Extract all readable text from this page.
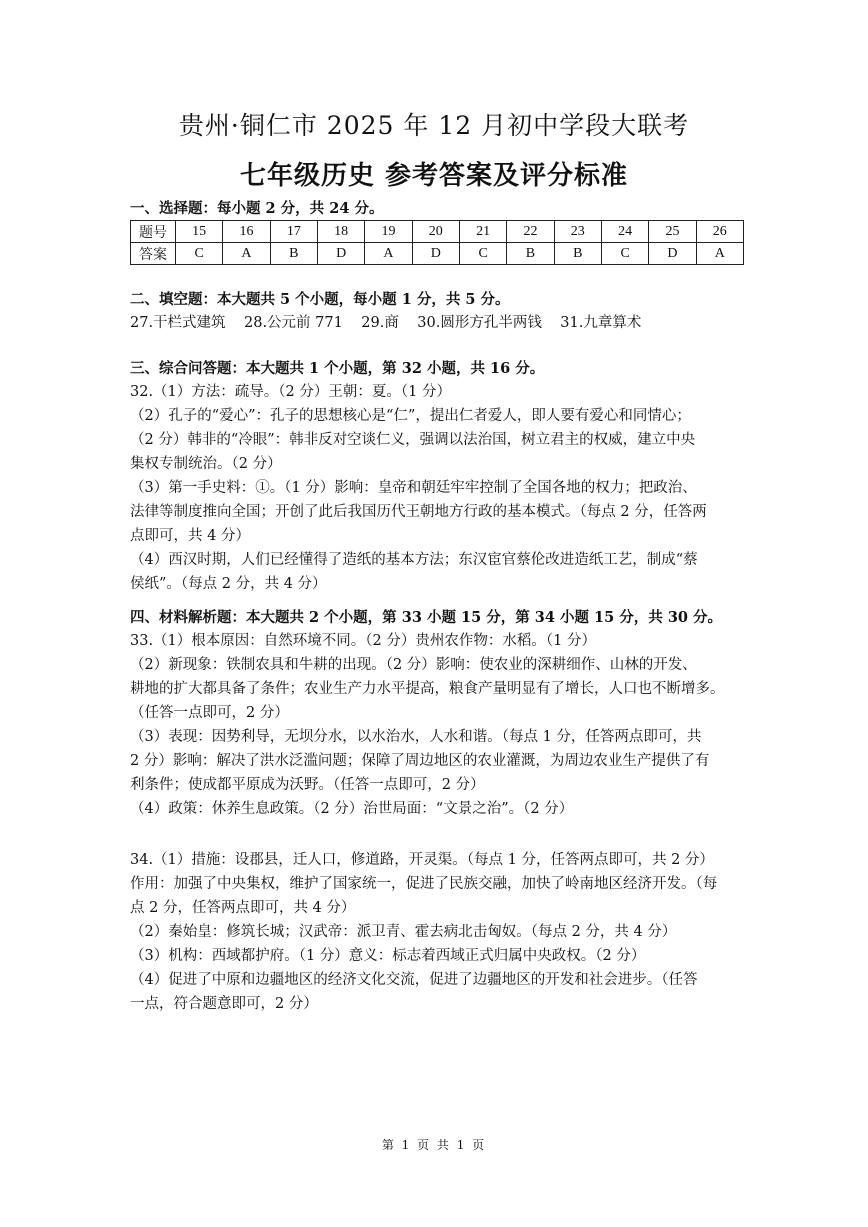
贵州·铜仁市 2025 年 12 月初中学段大联考
七年级历史 参考答案及评分标准
一、选择题：每小题 2 分，共 24 分。
题号	15	16	17	18	19	20	21	22	23	24	25	26
答案	C	A	B	D	A	D	C	B	B	C	D	A
二、填空题：本大题共 5 个小题，每小题 1 分，共 5 分。
27.干栏式建筑 28.公元前 771 29.商 30.圆形方孔半两钱 31.九章算术
三、综合问答题：本大题共 1 个小题，第 32 小题，共 16 分。
32.（1）方法：疏导。（2 分）王朝：夏。（1 分）
（2）孔子的“爱心”：孔子的思想核心是“仁”，提出仁者爱人，即人要有爱心和同情心；
（2 分）韩非的“冷眼”：韩非反对空谈仁义，强调以法治国，树立君主的权威，建立中央
集权专制统治。（2 分）
（3）第一手史料：①。（1 分）影响：皇帝和朝廷牢牢控制了全国各地的权力；把政治、
法律等制度推向全国；开创了此后我国历代王朝地方行政的基本模式。（每点 2 分，任答两
点即可，共 4 分）
（4）西汉时期，人们已经懂得了造纸的基本方法；东汉宦官蔡伦改进造纸工艺，制成“蔡
侯纸”。（每点 2 分，共 4 分）
四、材料解析题：本大题共 2 个小题，第 33 小题 15 分，第 34 小题 15 分，共 30 分。
33.（1）根本原因：自然环境不同。（2 分）贵州农作物：水稻。（1 分）
（2）新现象：铁制农具和牛耕的出现。（2 分）影响：使农业的深耕细作、山林的开发、
耕地的扩大都具备了条件；农业生产力水平提高，粮食产量明显有了增长，人口也不断增多。
（任答一点即可，2 分）
（3）表现：因势利导，无坝分水，以水治水，人水和谐。（每点 1 分，任答两点即可，共
2 分）影响：解决了洪水泛滥问题；保障了周边地区的农业灌溉，为周边农业生产提供了有
利条件；使成都平原成为沃野。（任答一点即可，2 分）
（4）政策：休养生息政策。（2 分）治世局面：“文景之治”。（2 分）
34.（1）措施：设郡县，迁人口，修道路，开灵渠。（每点 1 分，任答两点即可，共 2 分）
作用：加强了中央集权，维护了国家统一，促进了民族交融，加快了岭南地区经济开发。（每
点 2 分，任答两点即可，共 4 分）
（2）秦始皇：修筑长城；汉武帝：派卫青、霍去病北击匈奴。（每点 2 分，共 4 分）
（3）机构：西域都护府。（1 分）意义：标志着西域正式归属中央政权。（2 分）
（4）促进了中原和边疆地区的经济文化交流，促进了边疆地区的开发和社会进步。（任答
一点，符合题意即可，2 分）
第 1 页 共 1 页
